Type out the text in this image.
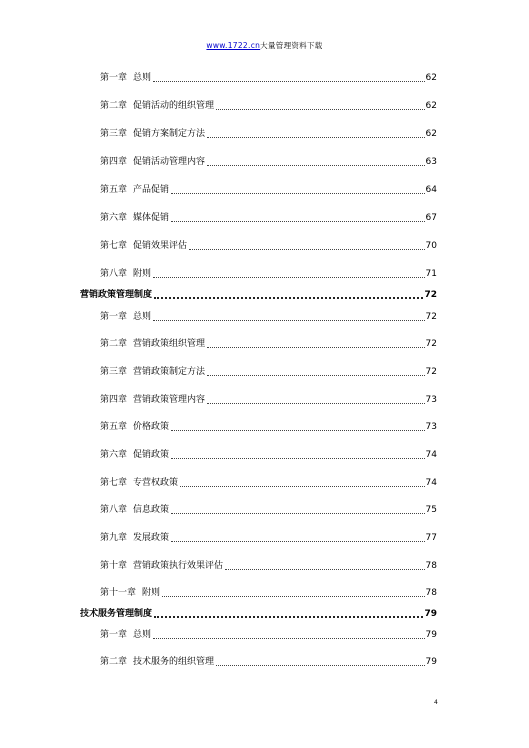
www.1722.cn大量管理资料下载
第一章 总则	62
第二章 促销活动的组织管理	62
第三章 促销方案制定方法	62
第四章 促销活动管理内容	63
第五章 产品促销	64
第六章 媒体促销	67
第七章 促销效果评估	70
第八章 附则	71
营销政策管理制度	72
第一章 总则	72
第二章 营销政策组织管理	72
第三章 营销政策制定方法	72
第四章 营销政策管理内容	73
第五章 价格政策	73
第六章 促销政策	74
第七章 专营权政策	74
第八章 信息政策	75
第九章 发展政策	77
第十章 营销政策执行效果评估	78
第十一章 附则	78
技术服务管理制度	79
第一章 总则	79
第二章 技术服务的组织管理	79
4
